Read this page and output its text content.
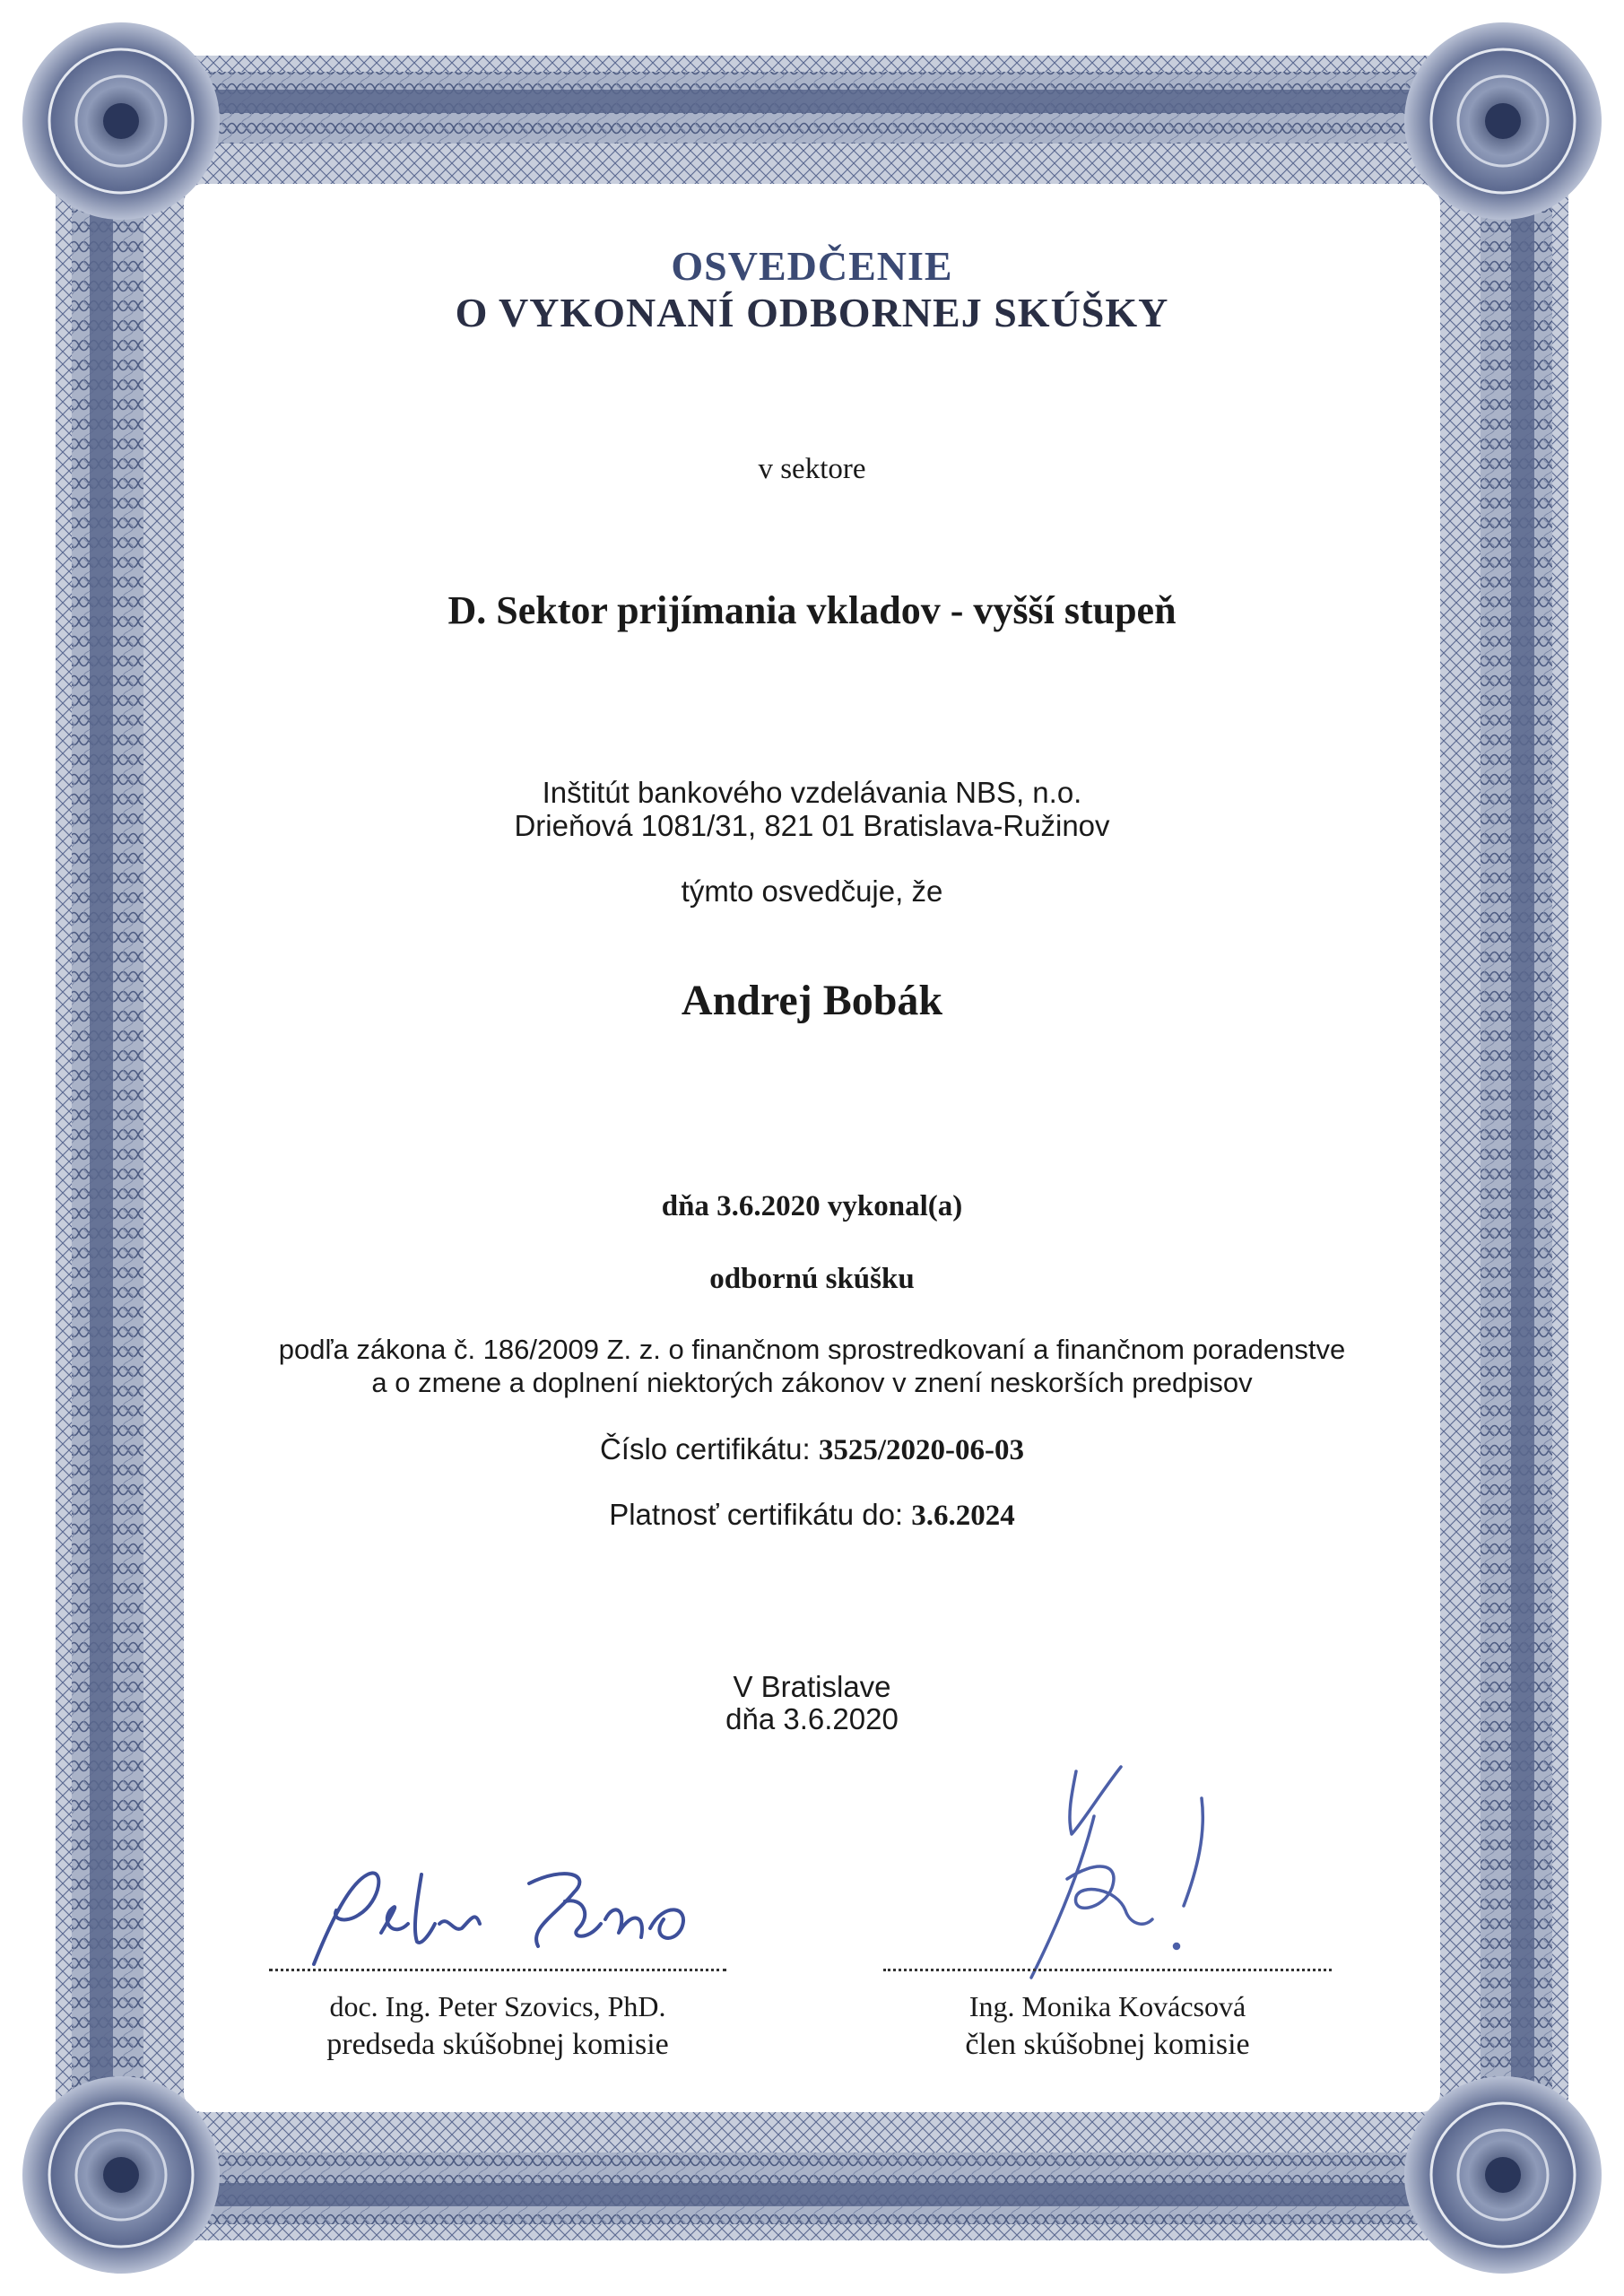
OSVEDČENIE
O VYKONANÍ ODBORNEJ SKÚŠKY
v sektore
D. Sektor prijímania vkladov - vyšší stupeň
Inštitút bankového vzdelávania NBS, n.o.
Drieňová 1081/31, 821 01 Bratislava-Ružinov
týmto osvedčuje, že
Andrej Bobák
dňa 3.6.2020 vykonal(a)
odbornú skúšku
podľa zákona č. 186/2009 Z. z. o finančnom sprostredkovaní a finančnom poradenstve
a o zmene a doplnení niektorých zákonov v znení neskorších predpisov
Číslo certifikátu: 3525/2020-06-03
Platnosť certifikátu do: 3.6.2024
V Bratislave
dňa 3.6.2020
doc. Ing. Peter Szovics, PhD.
predseda skúšobnej komisie
Ing. Monika Kovácsová
člen skúšobnej komisie
